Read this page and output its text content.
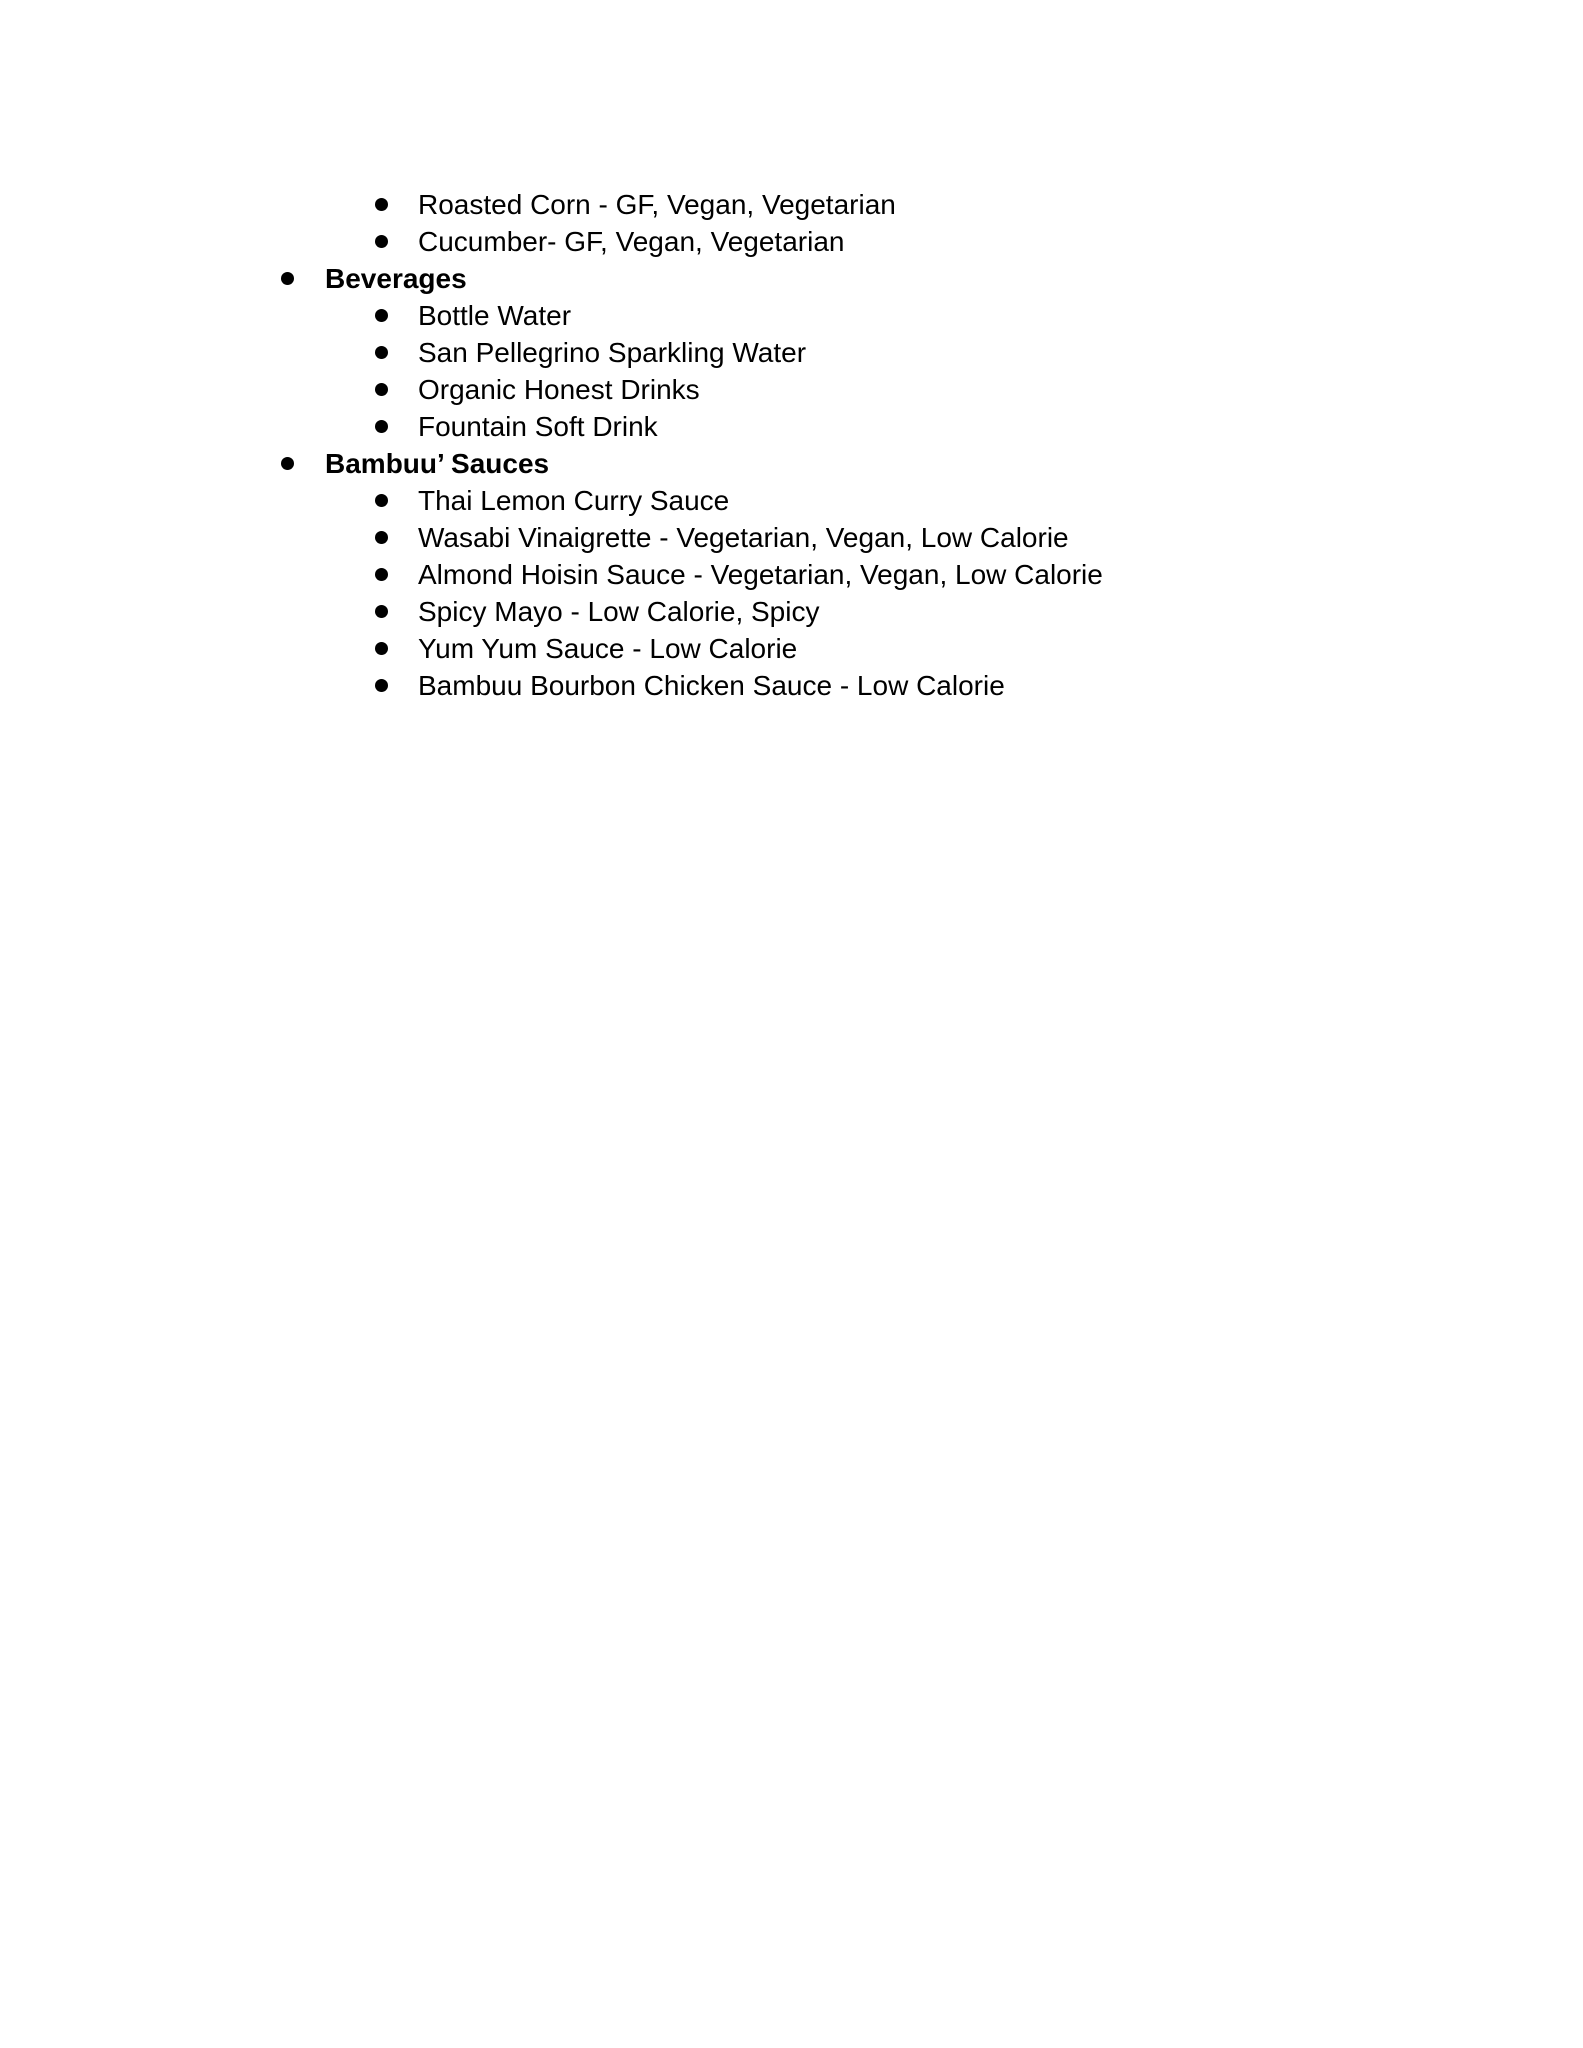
Roasted Corn - GF, Vegan, Vegetarian
Cucumber- GF, Vegan, Vegetarian
Beverages
Bottle Water
San Pellegrino Sparkling Water
Organic Honest Drinks
Fountain Soft Drink
Bambuu’ Sauces
Thai Lemon Curry Sauce
Wasabi Vinaigrette - Vegetarian, Vegan, Low Calorie
Almond Hoisin Sauce - Vegetarian, Vegan, Low Calorie
Spicy Mayo - Low Calorie, Spicy
Yum Yum Sauce - Low Calorie
Bambuu Bourbon Chicken Sauce - Low Calorie
